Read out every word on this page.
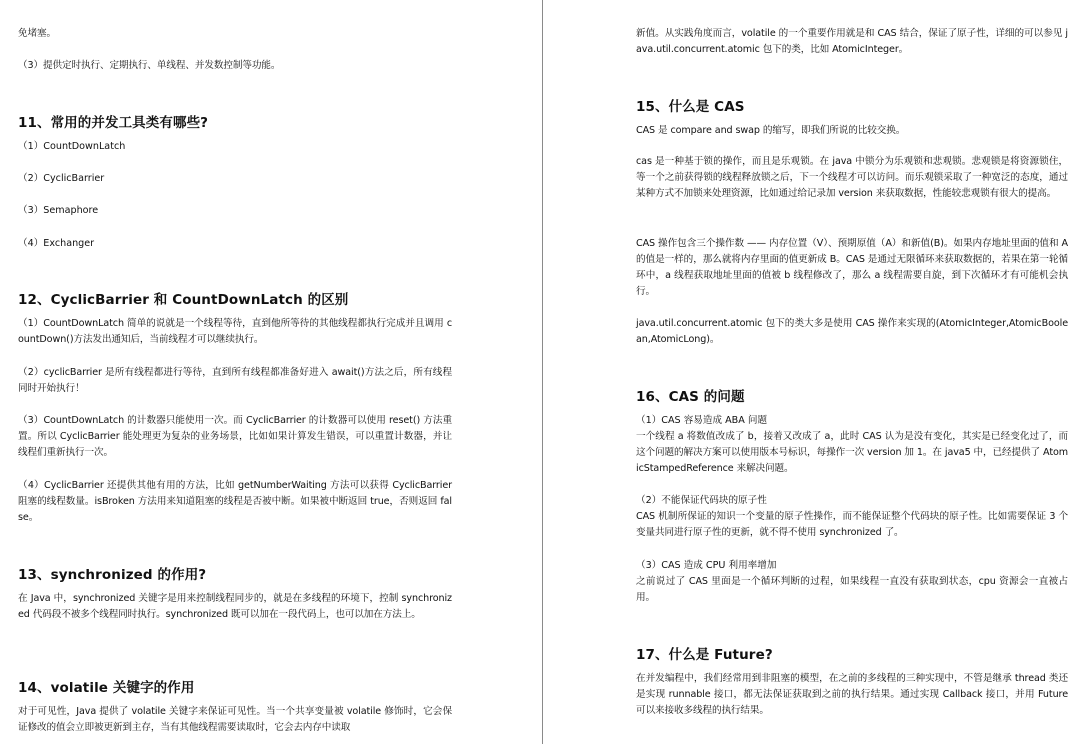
免堵塞。

（3）提供定时执行、定期执行、单线程、并发数控制等功能。

11、常用的并发工具类有哪些?

（1）CountDownLatch

（2）CyclicBarrier

（3）Semaphore

（4）Exchanger

12、CyclicBarrier 和 CountDownLatch 的区别

（1）CountDownLatch 简单的说就是一个线程等待，直到他所等待的其他线程都执行完成并且调用 countDown()方法发出通知后，当前线程才可以继续执行。

（2）cyclicBarrier 是所有线程都进行等待，直到所有线程都准备好进入 await()方法之后，所有线程同时开始执行！

（3）CountDownLatch 的计数器只能使用一次。而 CyclicBarrier 的计数器可以使用 reset() 方法重置。所以 CyclicBarrier 能处理更为复杂的业务场景，比如如果计算发生错误，可以重置计数器，并让线程们重新执行一次。

（4）CyclicBarrier 还提供其他有用的方法，比如 getNumberWaiting 方法可以获得 CyclicBarrier 阻塞的线程数量。isBroken 方法用来知道阻塞的线程是否被中断。如果被中断返回 true，否则返回 false。

13、synchronized 的作用?

在 Java 中，synchronized 关键字是用来控制线程同步的，就是在多线程的环境下，控制 synchronized 代码段不被多个线程同时执行。synchronized 既可以加在一段代码上，也可以加在方法上。

14、volatile 关键字的作用

对于可见性，Java 提供了 volatile 关键字来保证可见性。当一个共享变量被 volatile 修饰时，它会保证修改的值会立即被更新到主存，当有其他线程需要读取时，它会去内存中读取

新值。从实践角度而言，volatile 的一个重要作用就是和 CAS 结合，保证了原子性，详细的可以参见 java.util.concurrent.atomic 包下的类，比如 AtomicInteger。

15、什么是 CAS

CAS 是 compare and swap 的缩写，即我们所说的比较交换。

cas 是一种基于锁的操作，而且是乐观锁。在 java 中锁分为乐观锁和悲观锁。悲观锁是将资源锁住，等一个之前获得锁的线程释放锁之后，下一个线程才可以访问。而乐观锁采取了一种宽泛的态度，通过某种方式不加锁来处理资源，比如通过给记录加 version 来获取数据，性能较悲观锁有很大的提高。

CAS 操作包含三个操作数 —— 内存位置（V）、预期原值（A）和新值(B)。如果内存地址里面的值和 A 的值是一样的，那么就将内存里面的值更新成 B。CAS 是通过无限循环来获取数据的，若果在第一轮循环中，a 线程获取地址里面的值被 b 线程修改了，那么 a 线程需要自旋，到下次循环才有可能机会执行。

java.util.concurrent.atomic 包下的类大多是使用 CAS 操作来实现的(AtomicInteger,AtomicBoolean,AtomicLong)。

16、CAS 的问题

（1）CAS 容易造成 ABA 问题

一个线程 a 将数值改成了 b，接着又改成了 a，此时 CAS 认为是没有变化，其实是已经变化过了，而这个问题的解决方案可以使用版本号标识，每操作一次 version 加 1。在 java5 中，已经提供了 AtomicStampedReference 来解决问题。

（2）不能保证代码块的原子性

CAS 机制所保证的知识一个变量的原子性操作，而不能保证整个代码块的原子性。比如需要保证 3 个变量共同进行原子性的更新，就不得不使用 synchronized 了。

（3）CAS 造成 CPU 利用率增加

之前说过了 CAS 里面是一个循环判断的过程，如果线程一直没有获取到状态，cpu 资源会一直被占用。

17、什么是 Future?

在并发编程中，我们经常用到非阻塞的模型，在之前的多线程的三种实现中，不管是继承 thread 类还是实现 runnable 接口，都无法保证获取到之前的执行结果。通过实现 Callback 接口，并用 Future 可以来接收多线程的执行结果。
